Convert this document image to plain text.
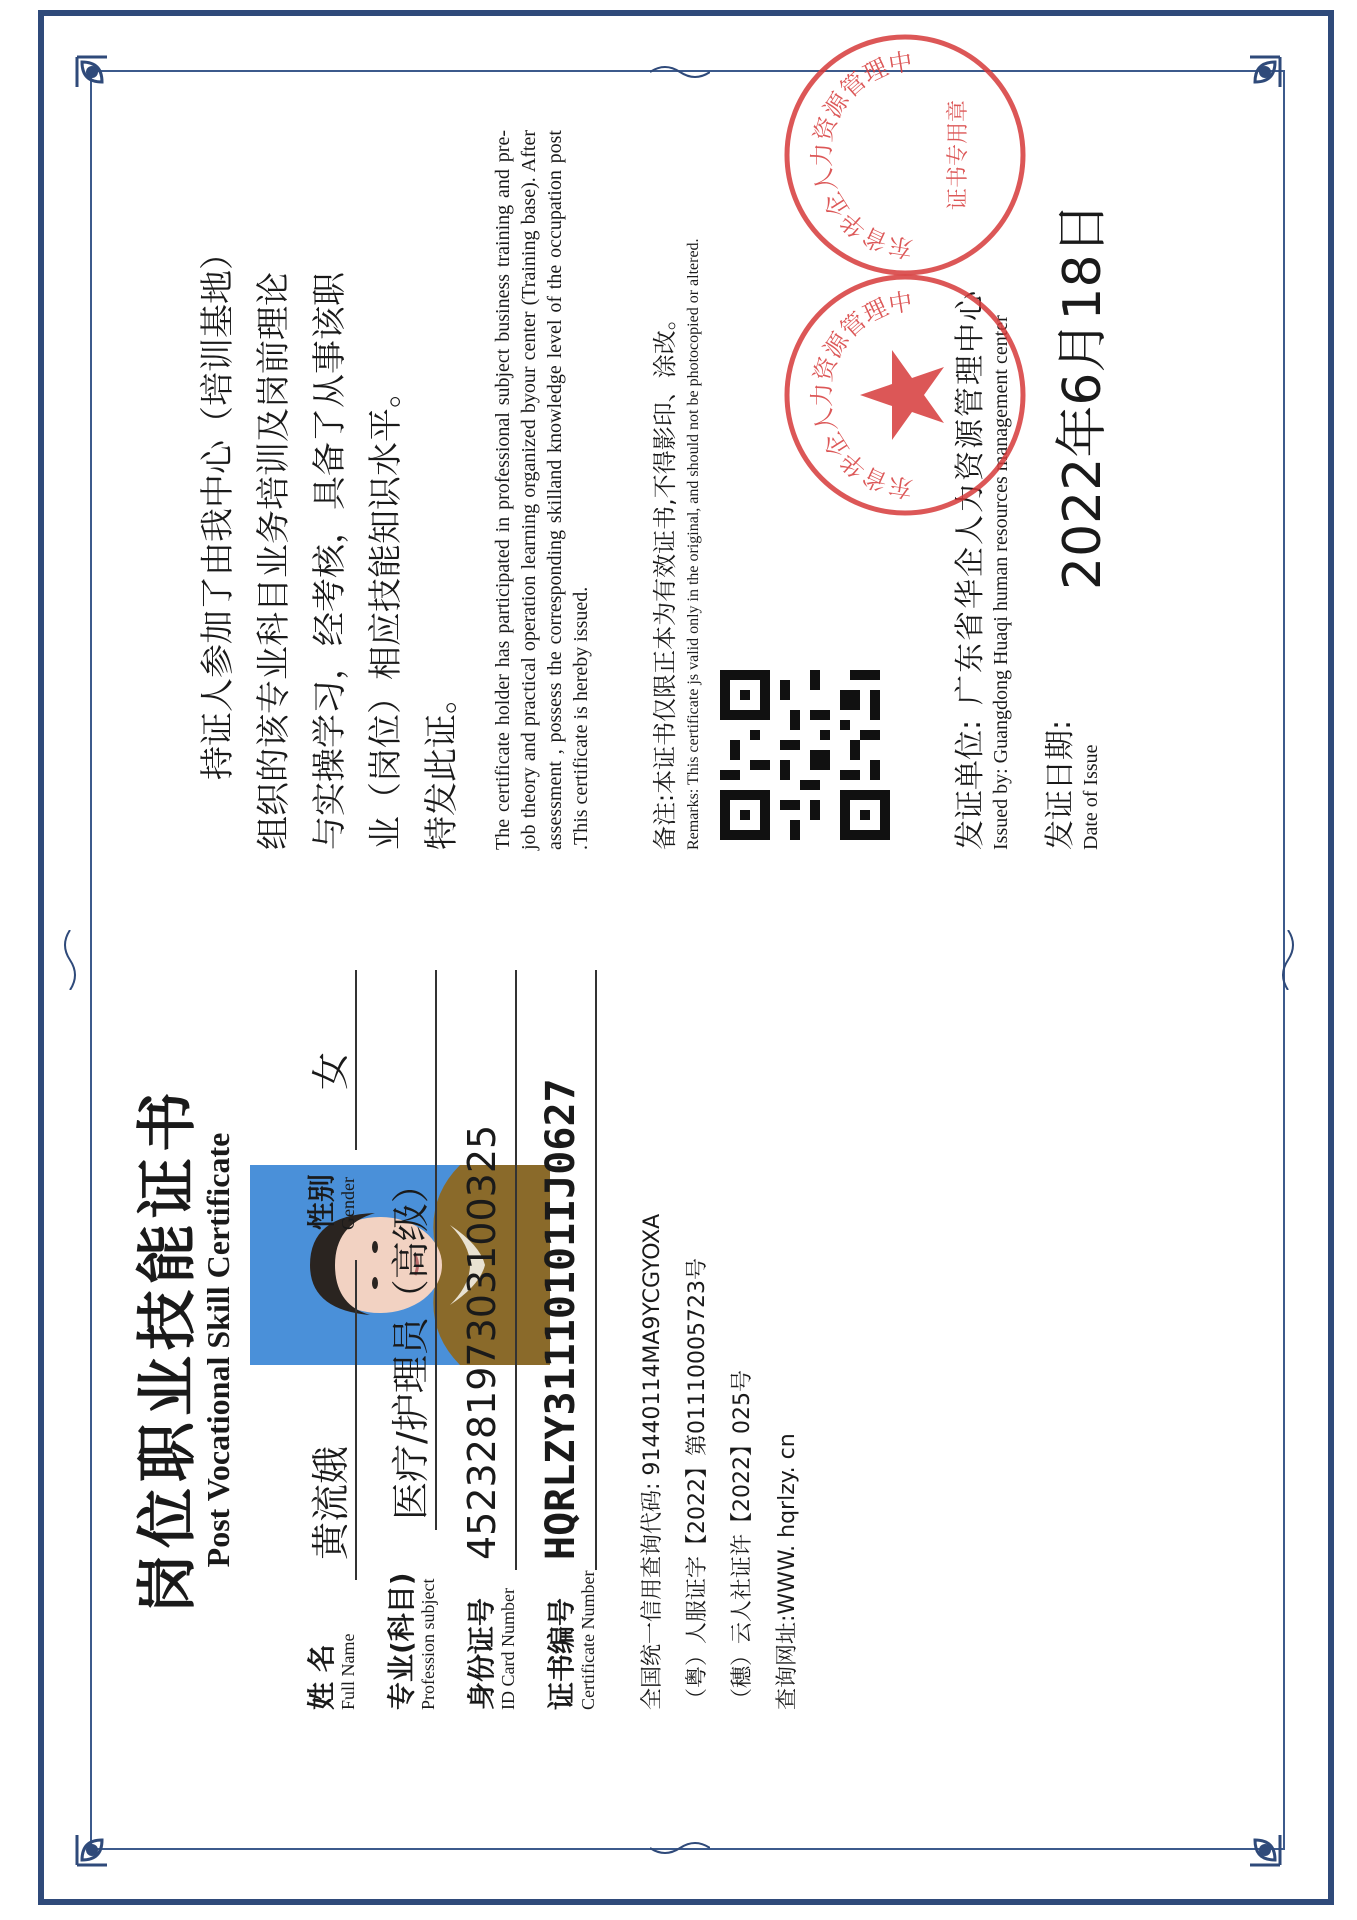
岗位职业技能证书
Post Vocational Skill Certificate
姓 名 Full Name
黄流娥
性别 Gender
女
专业(科目) Profession subject
医疗/护理员（高级）
身份证号 ID Card Number
452328197303100325
证书编号 Certificate Number
HQRLZY31110101IJ0627	全国统一信用查询代码: 91440114MA9YCGYOXA （粤）人服证字【2022】第01110005723号 （穗）云人社证许【2022】025号 查询网址:WWW. hqrlzy. cn
持证人参加了由我中心（培训基地） 组织的该专业科目业务培训及岗前理论 与实操学习，经考核，具备了从事该职 业（岗位）相应技能知识水平。 特发此证。	The certificate holder has participated in professional subject business training and pre-job theory and practical operation learning organized byour center (Training base). After assessment , possess the corresponding skilland knowledge level of the occupation post .This certificate is hereby issued. 备注:本证书仅限正本为有效证书,不得影印、涂改。 Remarks: This certificate js valid only in the original, and should not be photocopied or altered.	发证单位:
广东省华企人力资源管理中心 Issued by: Guangdong Huaqi human resources management center 发证日期: Date of Issue
2022年6月18日
东省华企人力资源管理中
东省华企人力资源管理中
证书专用章
